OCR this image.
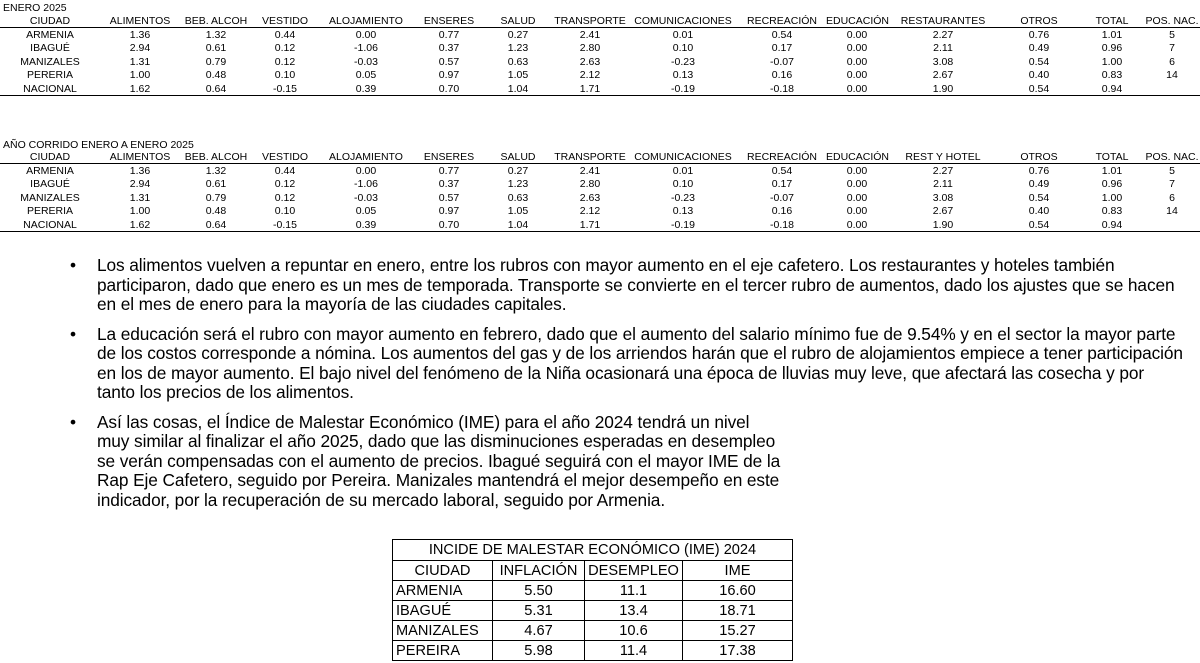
ENERO 2025
CIUDAD	ALIMENTOS	BEB. ALCOH	VESTIDO	ALOJAMIENTO	ENSERES	SALUD	TRANSPORTE	COMUNICACIONES	RECREACIÓN	EDUCACIÓN	RESTAURANTES	OTROS	TOTAL	POS. NAC.
ARMENIA	1.36	1.32	0.44	0.00	0.77	0.27	2.41	0.01	0.54	0.00	2.27	0.76	1.01	5
IBAGUÉ	2.94	0.61	0.12	-1.06	0.37	1.23	2.80	0.10	0.17	0.00	2.11	0.49	0.96	7
MANIZALES	1.31	0.79	0.12	-0.03	0.57	0.63	2.63	-0.23	-0.07	0.00	3.08	0.54	1.00	6
PERERIA	1.00	0.48	0.10	0.05	0.97	1.05	2.12	0.13	0.16	0.00	2.67	0.40	0.83	14
NACIONAL	1.62	0.64	-0.15	0.39	0.70	1.04	1.71	-0.19	-0.18	0.00	1.90	0.54	0.94	
AÑO CORRIDO ENERO A ENERO 2025
CIUDAD	ALIMENTOS	BEB. ALCOH	VESTIDO	ALOJAMIENTO	ENSERES	SALUD	TRANSPORTE	COMUNICACIONES	RECREACIÓN	EDUCACIÓN	REST Y HOTEL	OTROS	TOTAL	POS. NAC.
ARMENIA	1.36	1.32	0.44	0.00	0.77	0.27	2.41	0.01	0.54	0.00	2.27	0.76	1.01	5
IBAGUÉ	2.94	0.61	0.12	-1.06	0.37	1.23	2.80	0.10	0.17	0.00	2.11	0.49	0.96	7
MANIZALES	1.31	0.79	0.12	-0.03	0.57	0.63	2.63	-0.23	-0.07	0.00	3.08	0.54	1.00	6
PERERIA	1.00	0.48	0.10	0.05	0.97	1.05	2.12	0.13	0.16	0.00	2.67	0.40	0.83	14
NACIONAL	1.62	0.64	-0.15	0.39	0.70	1.04	1.71	-0.19	-0.18	0.00	1.90	0.54	0.94	
• Los alimentos vuelven a repuntar en enero, entre los rubros con mayor aumento en el eje cafetero. Los restaurantes y hoteles también participaron, dado que enero es un mes de temporada. Transporte se convierte en el tercer rubro de aumentos, dado los ajustes que se hacen en el mes de enero para la mayoría de las ciudades capitales.
• La educación será el rubro con mayor aumento en febrero, dado que el aumento del salario mínimo fue de 9.54% y en el sector la mayor parte de los costos corresponde a nómina. Los aumentos del gas y de los arriendos harán que el rubro de alojamientos empiece a tener participación en los de mayor aumento. El bajo nivel del fenómeno de la Niña ocasionará una época de lluvias muy leve, que afectará las cosecha y por tanto los precios de los alimentos.
• Así las cosas, el Índice de Malestar Económico (IME) para el año 2024 tendrá un nivel muy similar al finalizar el año 2025, dado que las disminuciones esperadas en desempleo se verán compensadas con el aumento de precios. Ibagué seguirá con el mayor IME de la Rap Eje Cafetero, seguido por Pereira. Manizales mantendrá el mejor desempeño en este indicador, por la recuperación de su mercado laboral, seguido por Armenia.
INCIDE DE MALESTAR ECONÓMICO (IME) 2024
CIUDAD	INFLACIÓN	DESEMPLEO	IME
ARMENIA	5.50	11.1	16.60
IBAGUÉ	5.31	13.4	18.71
MANIZALES	4.67	10.6	15.27
PEREIRA	5.98	11.4	17.38
